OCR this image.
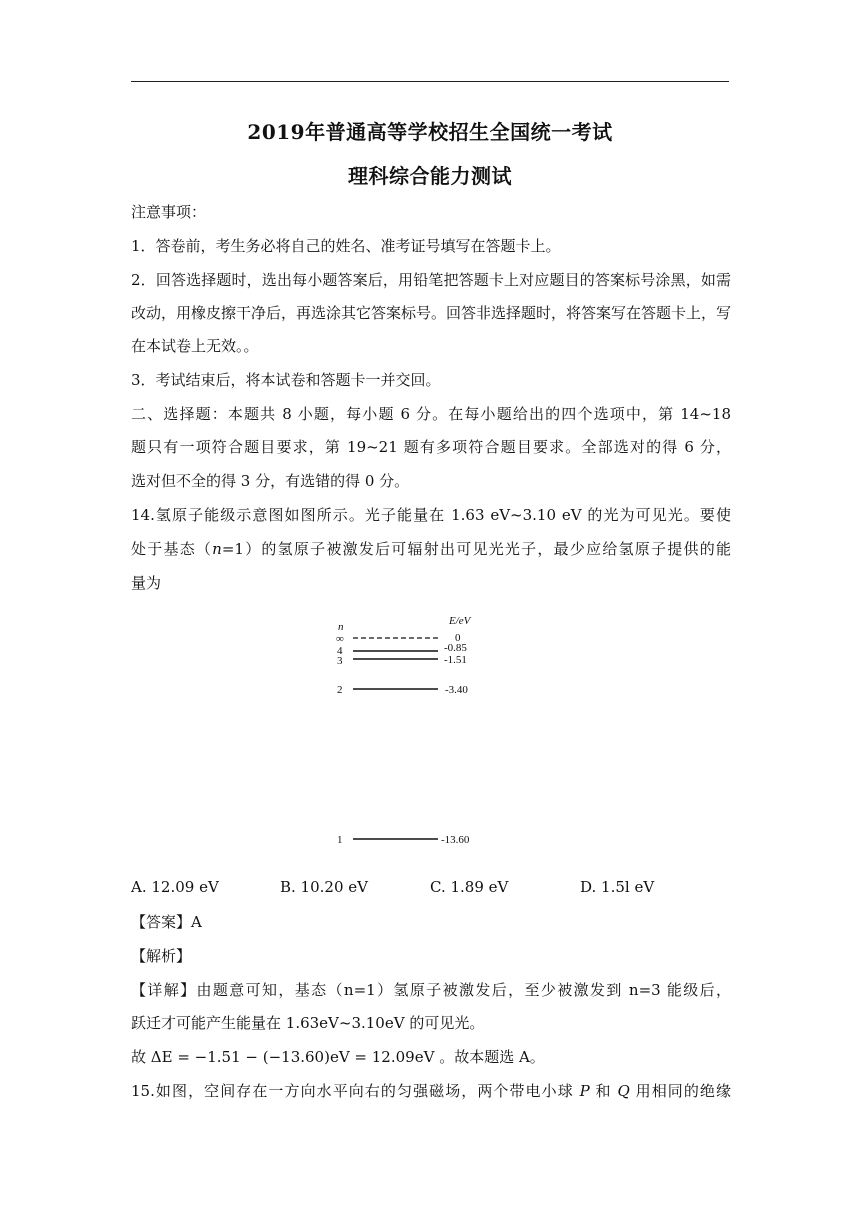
2019年普通高等学校招生全国统一考试
理科综合能力测试
注意事项：
1．答卷前，考生务必将自己的姓名、准考证号填写在答题卡上。
2．回答选择题时，选出每小题答案后，用铅笔把答题卡上对应题目的答案标号涂黑，如需
改动，用橡皮擦干净后，再选涂其它答案标号。回答非选择题时，将答案写在答题卡上，写
在本试卷上无效。。
3．考试结束后，将本试卷和答题卡一并交回。
二、选择题：本题共 8 小题，每小题 6 分。在每小题给出的四个选项中，第 14~18
题只有一项符合题目要求，第 19~21 题有多项符合题目要求。全部选对的得 6 分，
选对但不全的得 3 分，有选错的得 0 分。
14.氢原子能级示意图如图所示。光子能量在 1.63 eV~3.10 eV 的光为可见光。要使
处于基态（n=1）的氢原子被激发后可辐射出可见光光子，最少应给氢原子提供的能
量为
n	E/eV
∞	0
4	-0.85
3	-1.51
2	-3.40
1	-13.60
A. 12.09 eV	B. 10.20 eV	C. 1.89 eV	D. 1.5l eV
【答案】A
【解析】
【详解】由题意可知，基态（n=1）氢原子被激发后，至少被激发到 n=3 能级后，
跃迁才可能产生能量在 1.63eV~3.10eV 的可见光。
故 ΔE = −1.51 − (−13.60)eV = 12.09eV 。故本题选 A。
15.如图，空间存在一方向水平向右的匀强磁场，两个带电小球 P 和 Q 用相同的绝缘
